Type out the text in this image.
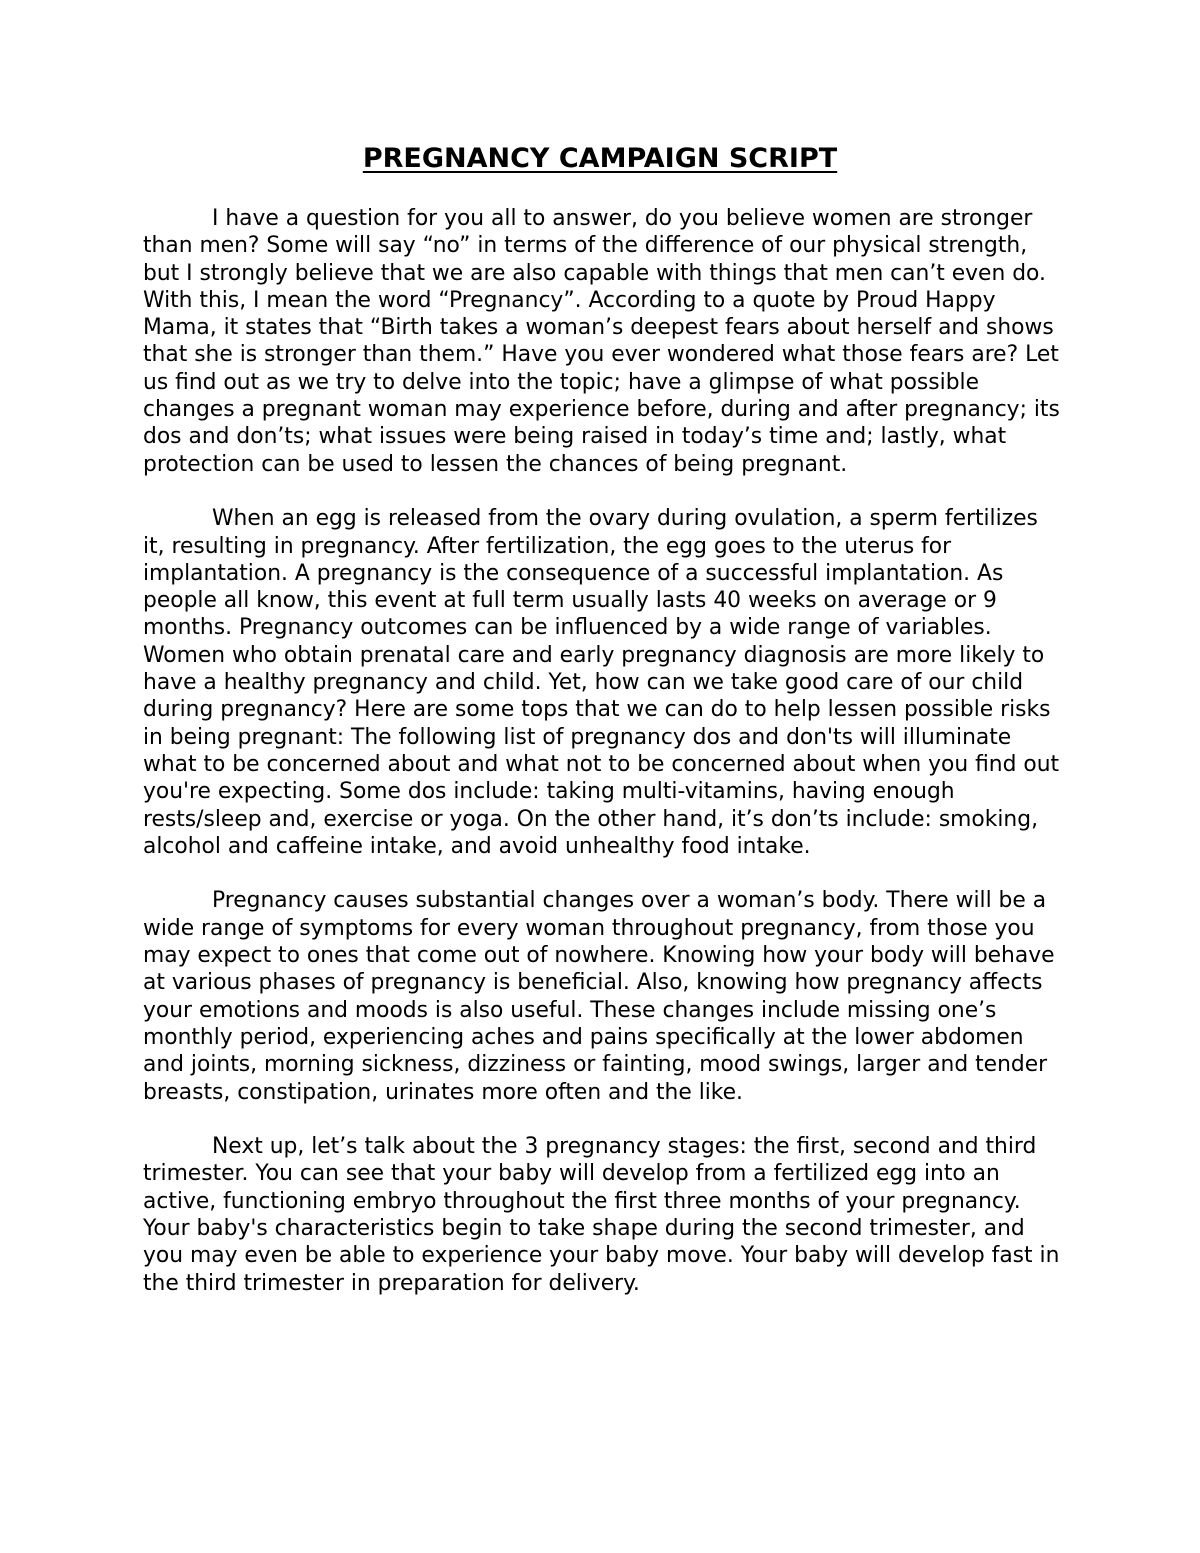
PREGNANCY CAMPAIGN SCRIPT

I have a question for you all to answer, do you believe women are stronger than men? Some will say “no” in terms of the difference of our physical strength, but I strongly believe that we are also capable with things that men can’t even do. With this, I mean the word “Pregnancy”. According to a quote by Proud Happy Mama, it states that “Birth takes a woman’s deepest fears about herself and shows that she is stronger than them.” Have you ever wondered what those fears are? Let us find out as we try to delve into the topic; have a glimpse of what possible changes a pregnant woman may experience before, during and after pregnancy; its dos and don’ts; what issues were being raised in today’s time and; lastly, what protection can be used to lessen the chances of being pregnant.

When an egg is released from the ovary during ovulation, a sperm fertilizes it, resulting in pregnancy. After fertilization, the egg goes to the uterus for implantation. A pregnancy is the consequence of a successful implantation. As people all know, this event at full term usually lasts 40 weeks on average or 9 months. Pregnancy outcomes can be influenced by a wide range of variables. Women who obtain prenatal care and early pregnancy diagnosis are more likely to have a healthy pregnancy and child. Yet, how can we take good care of our child during pregnancy? Here are some tops that we can do to help lessen possible risks in being pregnant: The following list of pregnancy dos and don'ts will illuminate what to be concerned about and what not to be concerned about when you find out you're expecting. Some dos include: taking multi-vitamins, having enough rests/sleep and, exercise or yoga. On the other hand, it’s don’ts include: smoking, alcohol and caffeine intake, and avoid unhealthy food intake.

Pregnancy causes substantial changes over a woman’s body. There will be a wide range of symptoms for every woman throughout pregnancy, from those you may expect to ones that come out of nowhere. Knowing how your body will behave at various phases of pregnancy is beneficial. Also, knowing how pregnancy affects your emotions and moods is also useful. These changes include missing one’s monthly period, experiencing aches and pains specifically at the lower abdomen and joints, morning sickness, dizziness or fainting, mood swings, larger and tender breasts, constipation, urinates more often and the like.

Next up, let’s talk about the 3 pregnancy stages: the first, second and third trimester. You can see that your baby will develop from a fertilized egg into an active, functioning embryo throughout the first three months of your pregnancy. Your baby's characteristics begin to take shape during the second trimester, and you may even be able to experience your baby move. Your baby will develop fast in the third trimester in preparation for delivery.
